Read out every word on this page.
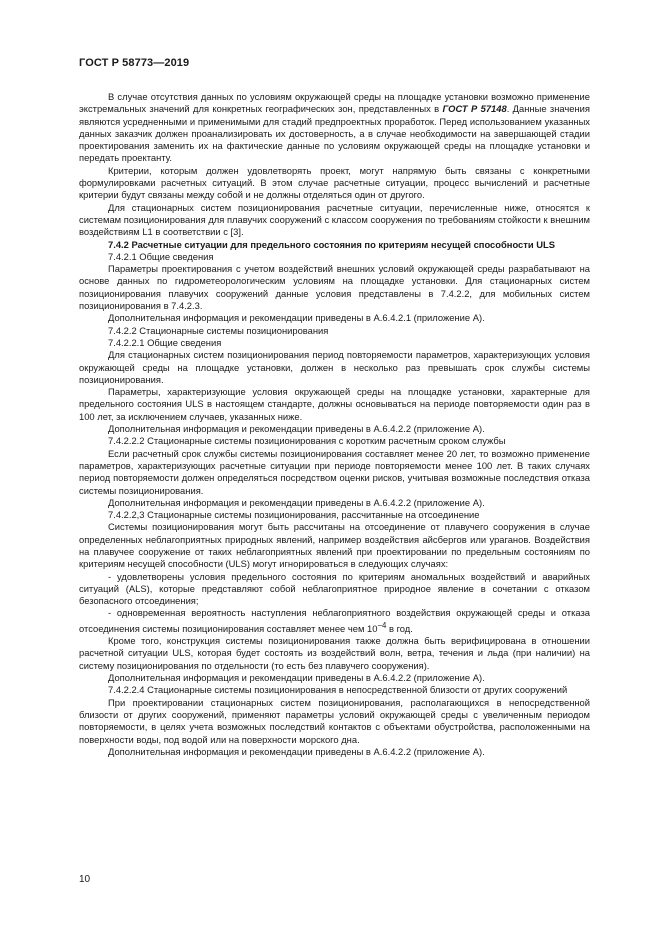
ГОСТ Р 58773—2019

В случае отсутствия данных по условиям окружающей среды на площадке установки возможно применение экстремальных значений для конкретных географических зон, представленных в ГОСТ Р 57148. Данные значения являются усредненными и применимыми для стадий предпроектных проработок. Перед использованием указанных данных заказчик должен проанализировать их достоверность, а в случае необходимости на завершающей стадии проектирования заменить их на фактические данные по условиям окружающей среды на площадке установки и передать проектанту.

Критерии, которым должен удовлетворять проект, могут напрямую быть связаны с конкретными формулировками расчетных ситуаций. В этом случае расчетные ситуации, процесс вычислений и расчетные критерии будут связаны между собой и не должны отделяться один от другого.

Для стационарных систем позиционирования расчетные ситуации, перечисленные ниже, относятся к системам позиционирования для плавучих сооружений с классом сооружения по требованиям стойкости к внешним воздействиям L1 в соответствии с [3].

7.4.2 Расчетные ситуации для предельного состояния по критериям несущей способности ULS

7.4.2.1 Общие сведения

Параметры проектирования с учетом воздействий внешних условий окружающей среды разрабатывают на основе данных по гидрометеорологическим условиям на площадке установки. Для стационарных систем позиционирования плавучих сооружений данные условия представлены в 7.4.2.2, для мобильных систем позиционирования в 7.4.2.3.

Дополнительная информация и рекомендации приведены в А.6.4.2.1 (приложение А).

7.4.2.2 Стационарные системы позиционирования

7.4.2.2.1 Общие сведения

Для стационарных систем позиционирования период повторяемости параметров, характеризующих условия окружающей среды на площадке установки, должен в несколько раз превышать срок службы системы позиционирования.

Параметры, характеризующие условия окружающей среды на площадке установки, характерные для предельного состояния ULS в настоящем стандарте, должны основываться на периоде повторяемости один раз в 100 лет, за исключением случаев, указанных ниже.

Дополнительная информация и рекомендации приведены в А.6.4.2.2 (приложение А).

7.4.2.2.2 Стационарные системы позиционирования с коротким расчетным сроком службы

Если расчетный срок службы системы позиционирования составляет менее 20 лет, то возможно применение параметров, характеризующих расчетные ситуации при периоде повторяемости менее 100 лет. В таких случаях период повторяемости должен определяться посредством оценки рисков, учитывая возможные последствия отказа системы позиционирования.

Дополнительная информация и рекомендации приведены в А.6.4.2.2 (приложение А).

7.4.2.2,3 Стационарные системы позиционирования, рассчитанные на отсоединение

Системы позиционирования могут быть рассчитаны на отсоединение от плавучего сооружения в случае определенных неблагоприятных природных явлений, например воздействия айсбергов или ураганов. Воздействия на плавучее сооружение от таких неблагоприятных явлений при проектировании по предельным состояниям по критериям несущей способности (ULS) могут игнорироваться в следующих случаях:

- удовлетворены условия предельного состояния по критериям аномальных воздействий и аварийных ситуаций (ALS), которые представляют собой неблагоприятное природное явление в сочетании с отказом безопасного отсоединения;

- одновременная вероятность наступления неблагоприятного воздействия окружающей среды и отказа отсоединения системы позиционирования составляет менее чем $10^{-4}$ в год.

Кроме того, конструкция системы позиционирования также должна быть верифицирована в отношении расчетной ситуации ULS, которая будет состоять из воздействий волн, ветра, течения и льда (при наличии) на систему позиционирования по отдельности (то есть без плавучего сооружения).

Дополнительная информация и рекомендации приведены в А.6.4.2.2 (приложение А).

7.4.2.2.4 Стационарные системы позиционирования в непосредственной близости от других сооружений

При проектировании стационарных систем позиционирования, располагающихся в непосредственной близости от других сооружений, применяют параметры условий окружающей среды с увеличенным периодом повторяемости, в целях учета возможных последствий контактов с объектами обустройства, расположенными на поверхности воды, под водой или на поверхности морского дна.

Дополнительная информация и рекомендации приведены в А.6.4.2.2 (приложение А).

10
